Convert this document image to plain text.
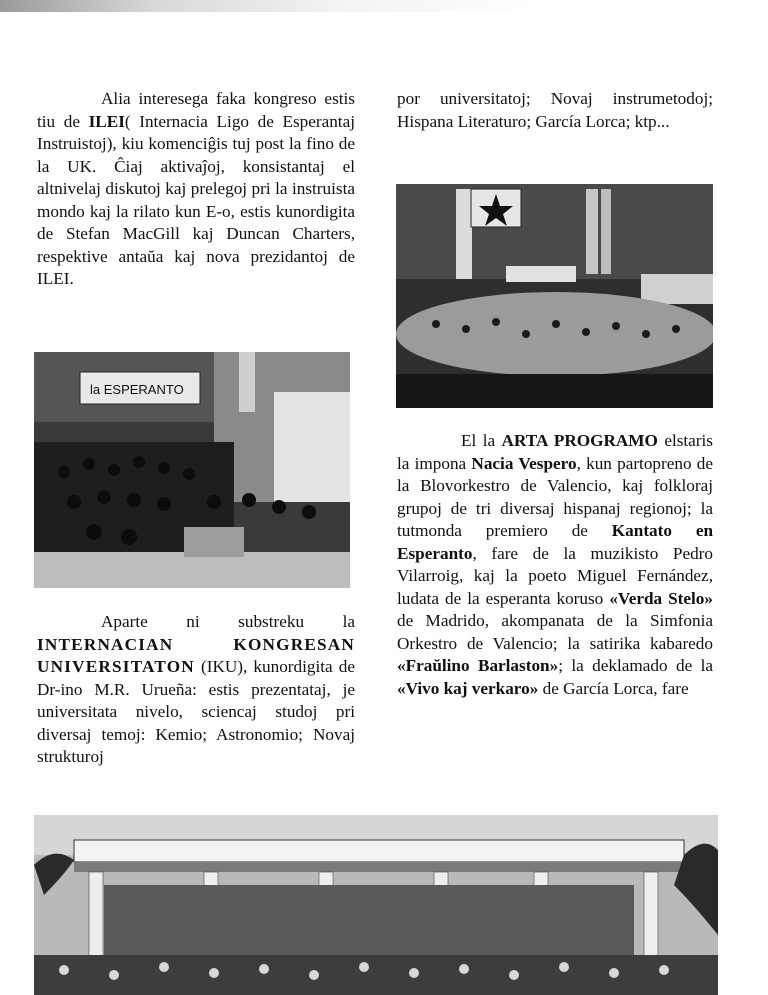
Alia interesega faka kongreso estis tiu de ILEI( Internacia Ligo de Esperantaj Instruistoj), kiu komenciĝis tuj post la fino de la UK. Ĉiaj aktivaĵoj, konsistantaj el altnivelaj diskutoj kaj prelegoj pri la instruista mondo kaj la rilato kun E-o, estis kunordigita de Stefan MacGill kaj Duncan Charters, respektive antaŭa kaj nova prezidantoj de ILEI.

la ESPERANTO

Aparte ni substreku la INTERNACIAN KONGRESAN UNIVERSITATON (IKU), kunordigita de Dr-ino M.R. Urueña: estis prezentataj, je universitata nivelo, sciencaj studoj pri diversaj temoj: Kemio; Astronomio; Novaj strukturoj

por universitatoj; Novaj instrumetodoj; Hispana Literaturo; García Lorca; ktp...

El la ARTA PROGRAMO elstaris la impona Nacia Vespero, kun partopreno de la Blovorkestro de Valencio, kaj folkloraj grupoj de tri diversaj hispanaj regionoj; la tutmonda premiero de Kantato en Esperanto, fare de la muzikisto Pedro Vilarroig, kaj la poeto Miguel Fernández, ludata de la esperanta koruso «Verda Stelo» de Madrido, akompanata de la Simfonia Orkestro de Valencio; la satirika kabaredo «Fraŭlino Barlaston»; la deklamado de la «Vivo kaj verkaro» de García Lorca, fare
